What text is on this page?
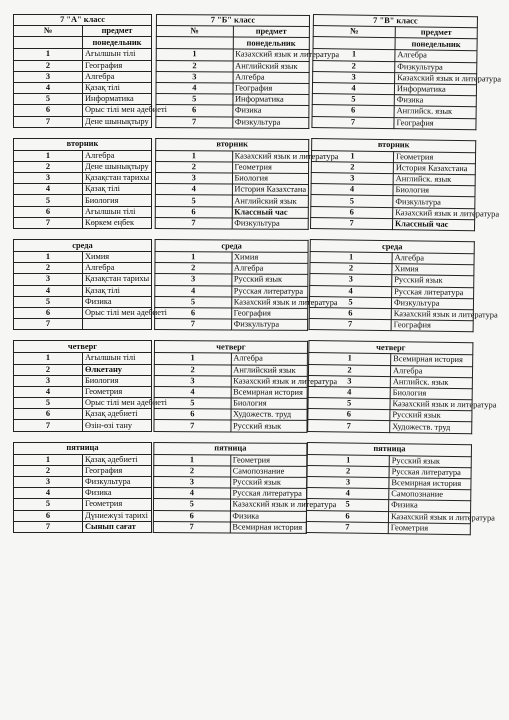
7 "А" класс	
№	предмет
	понедельник
1	Ағылшын тілі
2	География
3	Алгебра
4	Қазақ тілі
5	Информатика
6	Орыс тілі мен әдебиеті
7	Дене шынықтыру

вторник	
1	Алгебра
2	Дене шынықтыру
3	Қазақстан тарихы
4	Қазақ тілі
5	Биология
6	Ағылшын тілі
7	Көркем еңбек

среда	
1	Химия
2	Алгебра
3	Қазақстан тарихы
4	Қазақ тілі
5	Физика
6	Орыс тілі мен әдебиеті
7	

четверг	
1	Ағылшын тілі
2	Өлкетану
3	Биология
4	Геометрия
5	Орыс тілі мен әдебиеті
6	Қазақ әдебиеті
7	Өзін-өзі тану

пятница	
1	Қазақ әдебиеті
2	География
3	Физкультура
4	Физика
5	Геометрия
6	Дүниежүзі тарихі
7	Сынып сағат
7 "Б" класс	
№	предмет
	понедельник
1	Казахский язык и литература
2	Английский язык
3	Алгебра
4	География
5	Информатика
6	Физика
7	Физкультура

вторник	
1	Казахский язык и литература
2	Геометрия
3	Биология
4	История Казахстана
5	Английский язык
6	Классный час
7	Физкультура

среда	
1	Химия
2	Алгебра
3	Русский язык
4	Русская литература
5	Казахский язык и литература
6	География
7	Физкультура

четверг	
1	Алгебра
2	Английский язык
3	Казахский язык и литература
4	Всемирная история
5	Биология
6	Художеств. труд
7	Русский язык

пятница	
1	Геометрия
2	Самопознание
3	Русский язык
4	Русская литература
5	Казахский язык и литература
6	Физика
7	Всемирная история
7 "В" класс	
№	предмет
	понедельник
1	Алгебра
2	Физкультура
3	Казахский язык и литература
4	Информатика
5	Физика
6	Английск. язык
7	География

вторник	
1	Геометрия
2	История Казахстана
3	Английск. язык
4	Биология
5	Физкультура
6	Казахский язык и литература
7	Классный час

среда	
1	Алгебра
2	Химия
3	Русский язык
4	Русская литература
5	Физкультура
6	Казахский язык и литература
7	География

четверг	
1	Всемирная история
2	Алгебра
3	Английск. язык
4	Биология
5	Казахский язык и литература
6	Русский язык
7	Художеств. труд

пятница	
1	Русский язык
2	Русская литература
3	Всемирная история
4	Самопознание
5	Физика
6	Казахский язык и литература
7	Геометрия
